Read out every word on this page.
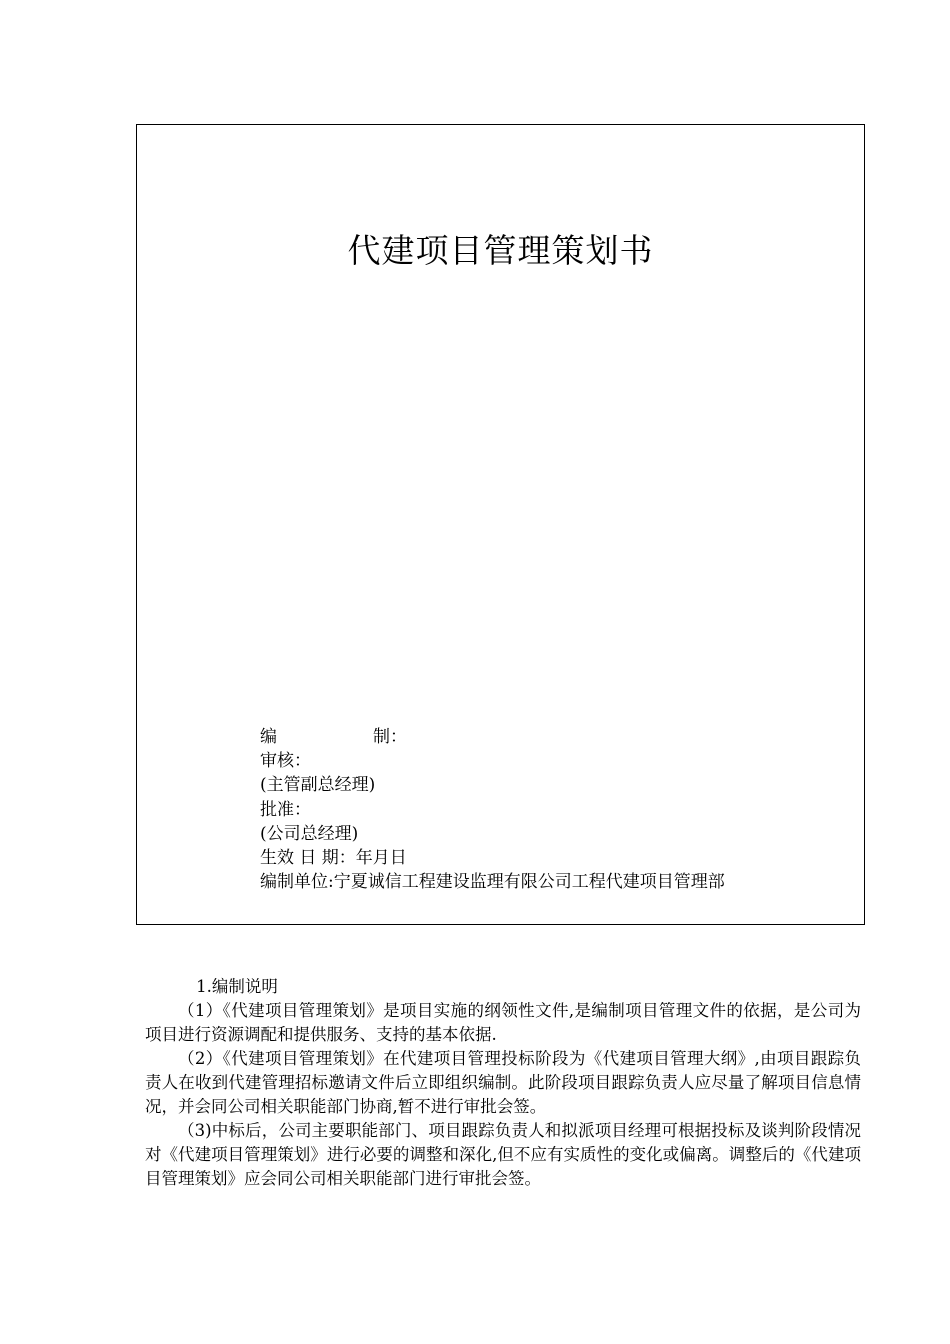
代建项目管理策划书
编	制：
审核：
(主管副总经理)
批准：
(公司总经理)
生效 日 期：年月日
编制单位:宁夏诚信工程建设监理有限公司工程代建项目管理部

1.编制说明

（1）《代建项目管理策划》是项目实施的纲领性文件,是编制项目管理文件的依据，是公司为项目进行资源调配和提供服务、支持的基本依据.

（2）《代建项目管理策划》在代建项目管理投标阶段为《代建项目管理大纲》,由项目跟踪负责人在收到代建管理招标邀请文件后立即组织编制。此阶段项目跟踪负责人应尽量了解项目信息情况，并会同公司相关职能部门协商,暂不进行审批会签。

（3)中标后，公司主要职能部门、项目跟踪负责人和拟派项目经理可根据投标及谈判阶段情况对《代建项目管理策划》进行必要的调整和深化,但不应有实质性的变化或偏离。调整后的《代建项目管理策划》应会同公司相关职能部门进行审批会签。
